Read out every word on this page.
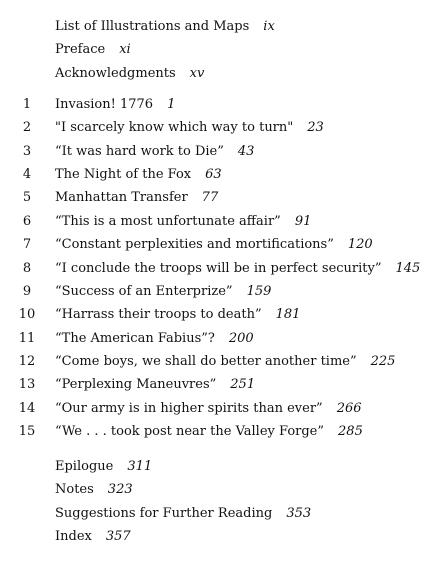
List of Illustrations and Maps ix
Preface xi
Acknowledgments xv
1	Invasion! 1776 1
2	"I scarcely know which way to turn" 23
3	“It was hard work to Die” 43
4	The Night of the Fox 63
5	Manhattan Transfer 77
6	“This is a most unfortunate affair” 91
7	“Constant perplexities and mortifications” 120
8	“I conclude the troops will be in perfect security” 145
9	“Success of an Enterprize” 159
10 “Harrass their troops to death” 181
11 “The American Fabius”? 200
12 “Come boys, we shall do better another time” 225
13 “Perplexing Maneuvres” 251
14 “Our army is in higher spirits than ever” 266
15 “We . . . took post near the Valley Forge” 285
Epilogue 311
Notes 323
Suggestions for Further Reading 353
Index 357
